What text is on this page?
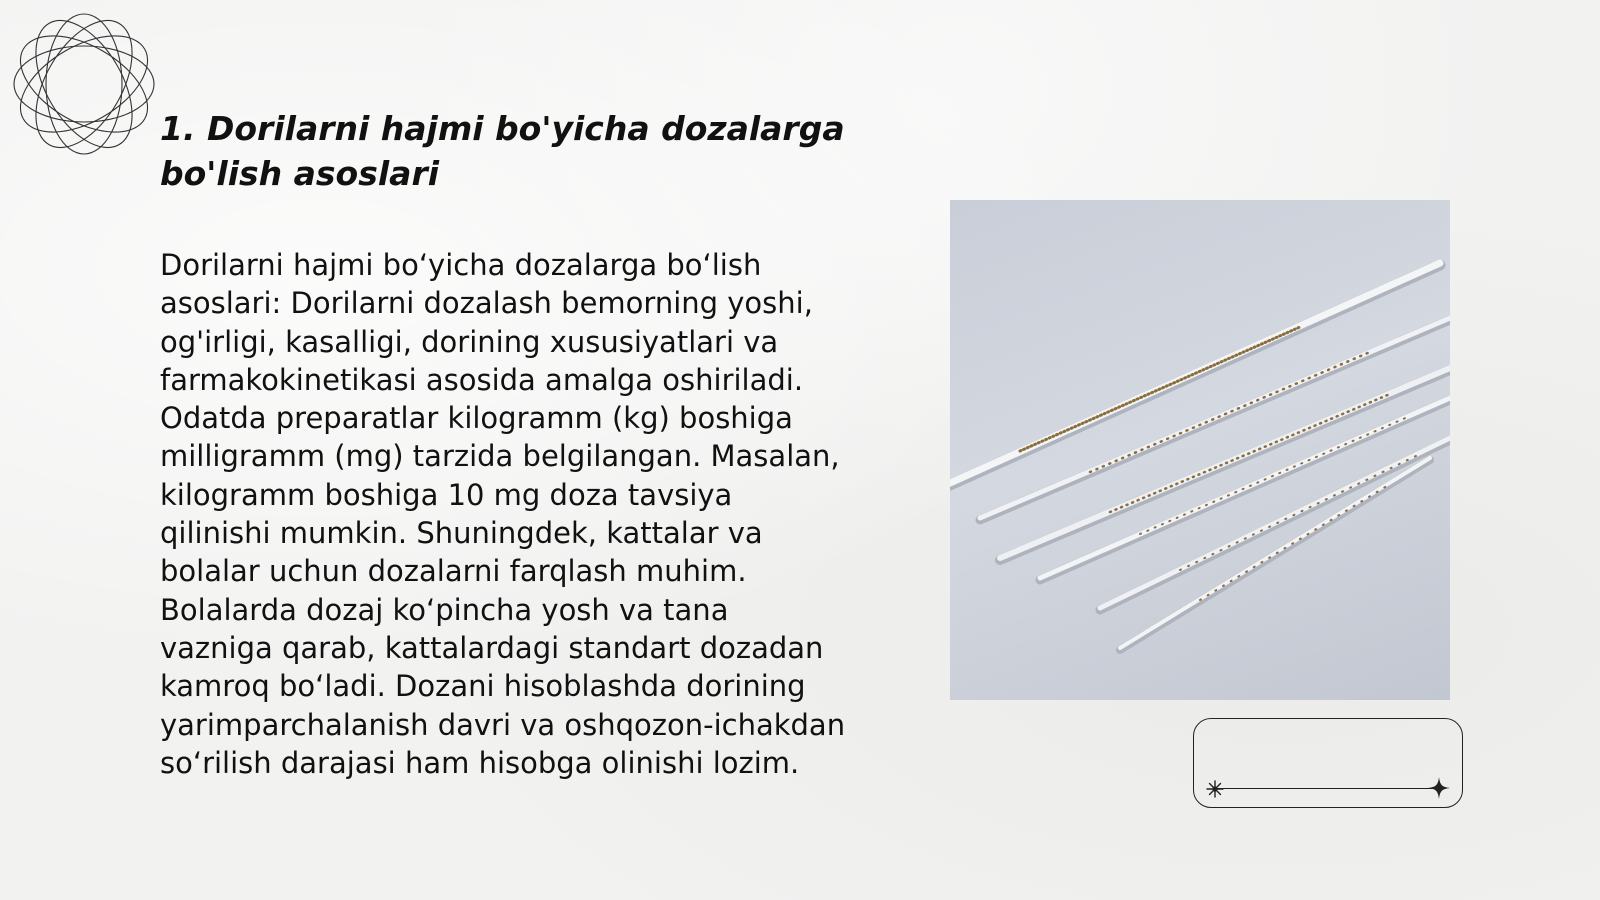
1. Dorilarni hajmi bo'yicha dozalarga
bo'lish asoslari

Dorilarni hajmi bo‘yicha dozalarga bo‘lish asoslari: Dorilarni dozalash bemorning yoshi, og'irligi, kasalligi, dorining xususiyatlari va farmakokinetikasi asosida amalga oshiriladi. Odatda preparatlar kilogramm (kg) boshiga milligramm (mg) tarzida belgilangan. Masalan, kilogramm boshiga 10 mg doza tavsiya qilinishi mumkin. Shuningdek, kattalar va bolalar uchun dozalarni farqlash muhim. Bolalarda dozaj ko‘pincha yosh va tana vazniga qarab, kattalardagi standart dozadan kamroq bo‘ladi. Dozani hisoblashda dorining yarimparchalanish davri va oshqozon-ichakdan so‘rilish darajasi ham hisobga olinishi lozim.
